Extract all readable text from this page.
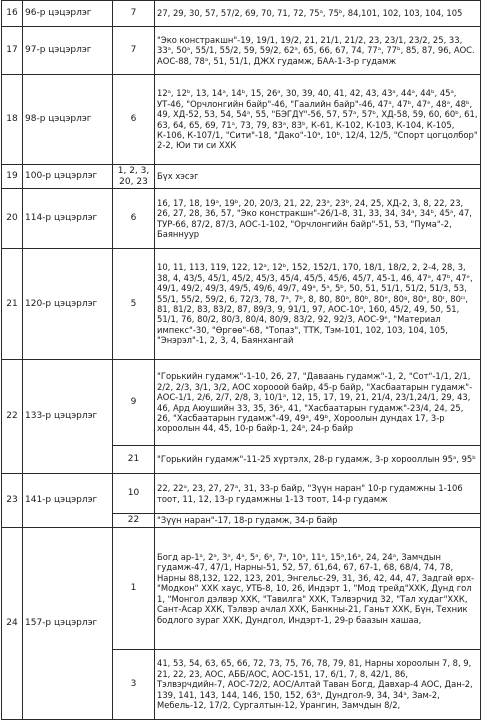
16	96-р цэцэрлэг	7	27, 29, 30, 57, 57/2, 69, 70, 71, 72, 75ᵃ, 75ᵇ, 84,101, 102, 103, 104, 105
17	97-р цэцэрлэг	7	"Эко констракшн"-19, 19/1, 19/2, 21, 21/1, 21/2, 23, 23/1, 23/2, 25, 33, 33ᵃ, 50ᵃ, 55/1, 55/2, 59, 59/2, 62ᵃ, 65, 66, 67, 74, 77ᵃ, 77ᵇ, 85, 87, 96, АОС. АОС-88, 78ᵃ, 51, 51/1, ДЖХ гудамж, БАА-1-3-р гудамж
18	98-р цэцэрлэг	6	12ᵃ, 12ᵇ, 13, 14ᵃ, 14ᵇ, 15, 26ᵃ, 30, 39, 40, 41, 42, 43, 43ᵃ, 44ᵃ, 44ᵇ, 45ᵃ, УТ-46, "Орчлонгийн байр"-46, "Гаалийн байр"-46, 47ᵃ, 47ᵇ, 47ᵉ, 48ᵃ, 48ᵇ, 49, ХД-52, 53, 54, 54ᵃ, 55, "БЭГДҮ"-56, 57, 57ᵃ, 57ᵇ, ХД-58, 59, 60, 60ᵇ, 61, 63, 64, 65, 69, 71ᵃ, 73, 79, 83ᵃ, 83ᵇ, К-61, К-102, К-103, К-104, К-105, К-106, К-107/1, "Сити"-18, "Дако"-10ᵃ, 10ᵇ, 12/4, 12/5, "Спорт цогцолбор" 2-2, Юи ти си ХХК
19	100-р цэцэрлэг	1, 2, 3, 20, 23	Бүх хэсэг
20	114-р цэцэрлэг	6	16, 17, 18, 19ᵃ, 19ᵇ, 20, 20/3, 21, 22, 23ᵃ, 23ᵇ, 24, 25, ХД-2, 3, 8, 22, 23, 26, 27, 28, 36, 57, "Эко констракшн"-26/1-8, 31, 33, 34, 34ᵃ, 34ᵇ, 45ᵃ, 47, ТУР-66, 87/2, 87/3, АОС-1-102, "Орчлонгийн байр"-51, 53, "Пума"-2, Баяннуур
21	120-р цэцэрлэг	5	10, 11, 113, 119, 122, 12ᵃ, 12ᵇ, 152, 152/1, 170, 18/1, 18/2, 2, 2-4, 28, 3, 38, 4, 43/5, 45/1, 45/2, 45/3, 45/4, 45/5, 45/6, 45/7, 45-1, 46, 47ᵃ, 47ᵇ, 47ᵉ, 49/1, 49/2, 49/3, 49/5, 49/6, 49/7, 49ᵃ, 5ᵃ, 5ᵇ, 50, 51, 51/1, 51/2, 51/3, 53, 55/1, 55/2, 59/2, 6, 72/3, 78, 7ᵃ, 7ᵇ, 8, 80, 80ᵃ, 80ᵇ, 80ᵉ, 80ᵍ, 80ᵉ, 80ᶦ, 80ᶦᶦ, 81, 81/2, 83, 83/2, 87, 89/3, 9, 91/1, 97, АОС-10ᵃ, 160, 45/2, 49, 50, 51, 51/1, 76, 80/2, 80/3, 80/4, 80/9, 83/2, 92, 92/3, АОС-9ᵉ, "Материал импекс"-30, "Өргөө"-68, "Топаз", ТТК, Тэм-101, 102, 103, 104, 105, "Энэрэл"-1, 2, 3, 4, Баянхангай
22	133-р цэцэрлэг	9	"Горькийн гудамж"-1-10, 26, 27, "Даваань гудамж"-1, 2, "Сот"-1/1, 2/1, 2/2, 2/3, 3/1, 3/2, АОС хорооой байр, 45-р байр, "Хасбаатарын гудамж"- АОС-1/1, 2/6, 2/7, 2/8, 3, 10/1ᵃ, 12, 15, 17, 19, 21, 21/4, 23/1,24/1, 29, 43, 46, Ард Аюушийн 33, 35, 36ᵃ, 41, "Хасбаатарын гудамж"-23/4, 24, 25, 26, "Хасбаатарын гудамж"-49, 49ᵃ, 49ᵇ, Хороолын дундах 17, 3-р хороолын 44, 45, 10-р байр-1, 24ᵃ, 24-р байр
		21	"Горькийн гудамж"-11-25 хүртэлх, 28-р гудамж, 3-р хорооллын 95ᵃ, 95ᵇ
23	141-р цэцэрлэг	10	22, 22ᵃ, 23, 27, 27ᵃ, 31, 33-р байр, "Зүүн наран" 10-р гудамжны 1-106 тоот, 11, 12, 13-р гудамжны 1-13 тоот, 14-р гудамж
		22	"Зүүн наран"-17, 18-р гудамж, 34-р байр
24	157-р цэцэрлэг	1	Богд ар-1ᵃ, 2ᵃ, 3ᵃ, 4ᵃ, 5ᵃ, 6ᵃ, 7ᵃ, 10ᵃ, 11ᵃ, 15ᵃ,16ᵃ, 24, 24ᵃ, Замчдын гудамж-47, 47/1, Нарны-51, 52, 57, 61,64, 67, 67-1, 68, 68/4, 74, 78, Нарны 88,132, 122, 123, 201, Энгельс-29, 31, 36, 42, 44, 47, Задгай өрх-"Модкон" ХХК хаус, УТБ-8, 10, 26, Индэрт 1, "Мод трейд"ХХК, Дунд гол 1, "Монгол дэлвэр ХХК, "Тавилга" ХХК, Тэлвэрчид 32, "Тал худаг"ХХК, Сант-Асар ХХК, Тэлвэр ачлал ХХК, Банкны-21, Ганьт ХХК, Бүн, Техник бодлого зураг ХХК, Дундгол, Индэрт-1, 29-р баазын хашаа,
		3	41, 53, 54, 63, 65, 66, 72, 73, 75, 76, 78, 79, 81, Нарны хороолын 7, 8, 9, 21, 22, 23, АОС, АББ/АОС, АОС-151, 17, 6/1, 7, 8, 42/1, 86, Тэлвэрчдийн-7, АОС-72/2, АОС/Алтай Таван Богд, Давхар-4 АОС, Дан-2, 139, 141, 143, 144, 146, 150, 152, 63ᵃ, Дундгол-9, 34, 34ᵃ, Зам-2, Мебель-12, 17/2, Сургалтын-12, Урангин, Замчдын 8/2,
